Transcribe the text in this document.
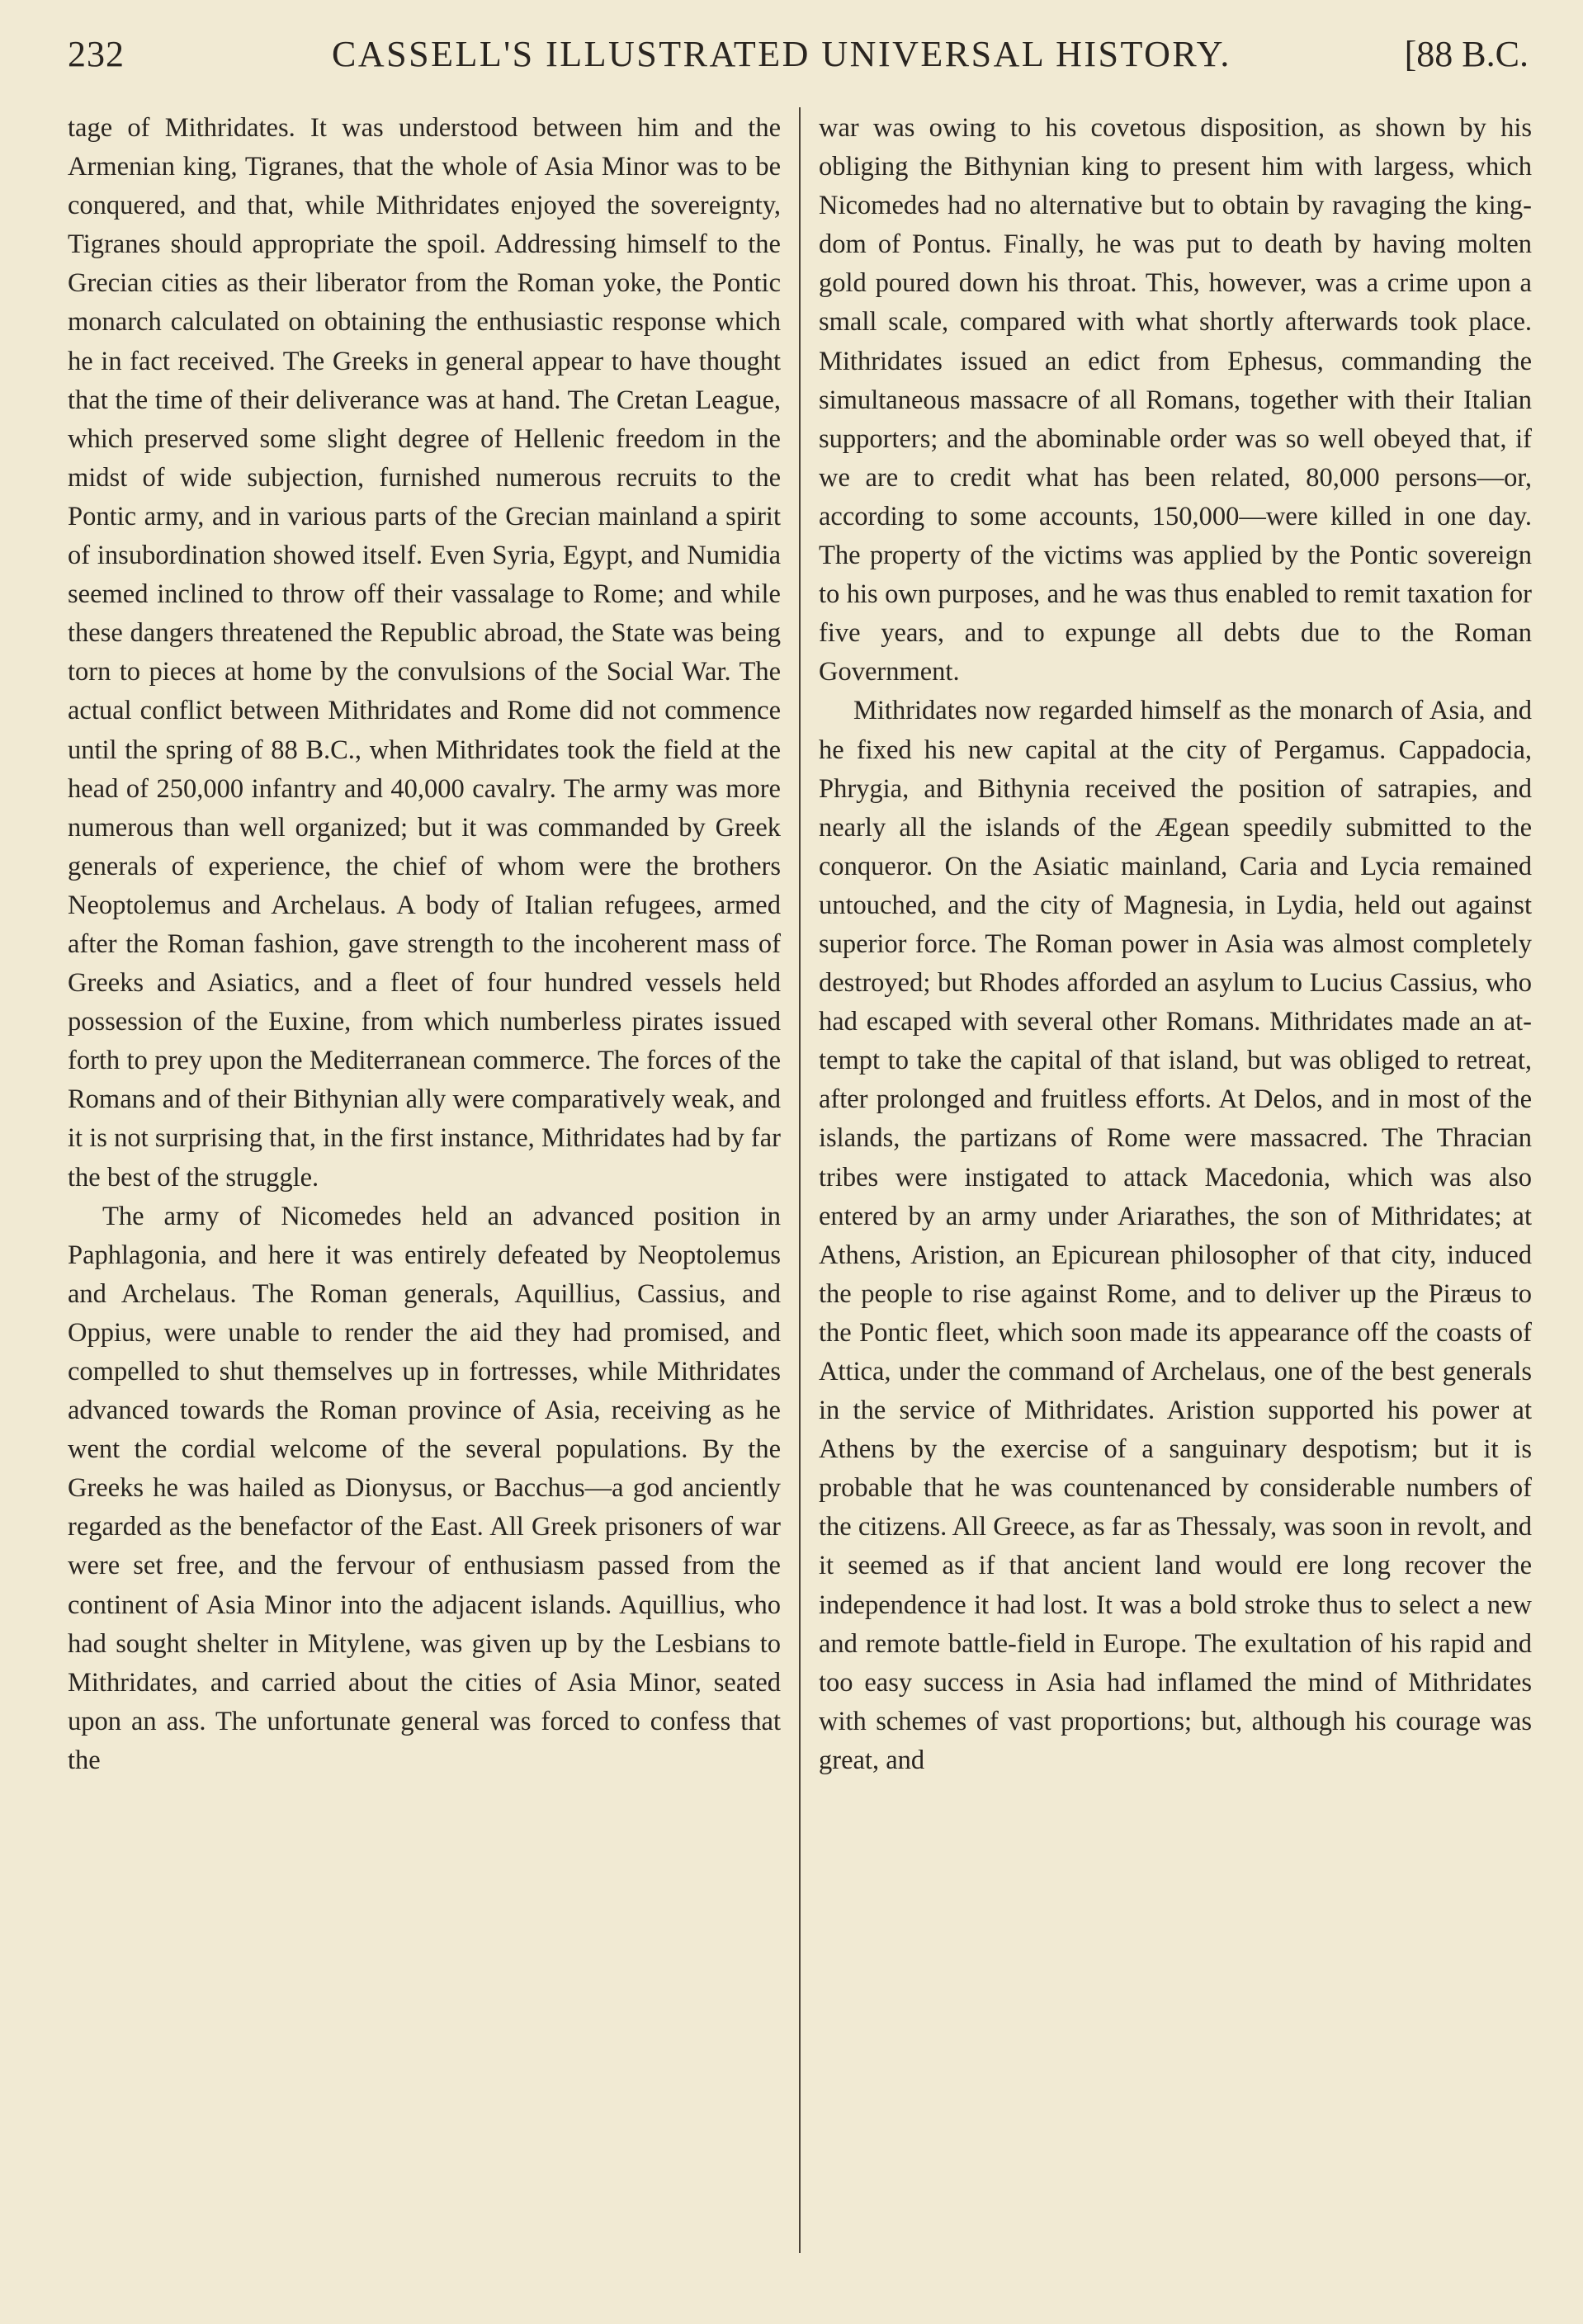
232	CASSELL'S ILLUSTRATED UNIVERSAL HISTORY.	[88 B.C.

tage of Mithridates. It was understood between him and the Armenian king, Tigranes, that the whole of Asia Minor was to be conquered, and that, while Mithridates enjoyed the sovereignty, Tigranes should appropriate the spoil. Addressing himself to the Grecian cities as their liberator from the Roman yoke, the Pontic monarch calculated on obtaining the enthusiastic response which he in fact received. The Greeks in general appear to have thought that the time of their deliverance was at hand. The Cretan League, which preserved some slight degree of Hellenic freedom in the midst of wide subjection, furnished numerous recruits to the Pontic army, and in various parts of the Grecian mainland a spirit of insubordination showed itself. Even Syria, Egypt, and Numidia seemed inclined to throw off their vassalage to Rome; and while these dangers threatened the Republic abroad, the State was being torn to pieces at home by the convulsions of the Social War. The actual conflict between Mithridates and Rome did not commence until the spring of 88 B.C., when Mithridates took the field at the head of 250,000 infantry and 40,000 cavalry. The army was more numerous than well organized; but it was commanded by Greek generals of experience, the chief of whom were the brothers Neoptolemus and Archelaus. A body of Italian refugees, armed after the Roman fashion, gave strength to the incoherent mass of Greeks and Asiatics, and a fleet of four hundred vessels held possession of the Euxine, from which numberless pirates issued forth to prey upon the Mediterranean commerce. The forces of the Romans and of their Bithynian ally were comparatively weak, and it is not surprising that, in the first instance, Mithridates had by far the best of the struggle.

The army of Nicomedes held an advanced position in Paphlagonia, and here it was entirely defeated by Neoptolemus and Archelaus. The Roman generals, Aquillius, Cassius, and Oppius, were unable to render the aid they had promised, and compelled to shut themselves up in fortresses, while Mithridates advanced towards the Roman province of Asia, receiving as he went the cordial welcome of the several populations. By the Greeks he was hailed as Dionysus, or Bacchus—a god anciently regarded as the benefactor of the East. All Greek prisoners of war were set free, and the fervour of enthusiasm passed from the continent of Asia Minor into the adjacent islands. Aquillius, who had sought shelter in Mitylene, was given up by the Lesbians to Mithridates, and carried about the cities of Asia Minor, seated upon an ass. The unfortunate general was forced to confess that the

war was owing to his covetous disposition, as shown by his obliging the Bithynian king to present him with largess, which Nicomedes had no alternative but to obtain by ravaging the kingdom of Pontus. Finally, he was put to death by having molten gold poured down his throat. This, however, was a crime upon a small scale, compared with what shortly afterwards took place. Mithridates issued an edict from Ephesus, commanding the simultaneous massacre of all Romans, together with their Italian supporters; and the abominable order was so well obeyed that, if we are to credit what has been related, 80,000 persons—or, according to some accounts, 150,000—were killed in one day. The property of the victims was applied by the Pontic sovereign to his own purposes, and he was thus enabled to remit taxation for five years, and to expunge all debts due to the Roman Government.

Mithridates now regarded himself as the monarch of Asia, and he fixed his new capital at the city of Pergamus. Cappadocia, Phrygia, and Bithynia received the position of satrapies, and nearly all the islands of the Ægean speedily submitted to the conqueror. On the Asiatic mainland, Caria and Lycia remained untouched, and the city of Magnesia, in Lydia, held out against superior force. The Roman power in Asia was almost completely destroyed; but Rhodes afforded an asylum to Lucius Cassius, who had escaped with several other Romans. Mithridates made an attempt to take the capital of that island, but was obliged to retreat, after prolonged and fruitless efforts. At Delos, and in most of the islands, the partizans of Rome were massacred. The Thracian tribes were instigated to attack Macedonia, which was also entered by an army under Ariarathes, the son of Mithridates; at Athens, Aristion, an Epicurean philosopher of that city, induced the people to rise against Rome, and to deliver up the Piræus to the Pontic fleet, which soon made its appearance off the coasts of Attica, under the command of Archelaus, one of the best generals in the service of Mithridates. Aristion supported his power at Athens by the exercise of a sanguinary despotism; but it is probable that he was countenanced by considerable numbers of the citizens. All Greece, as far as Thessaly, was soon in revolt, and it seemed as if that ancient land would ere long recover the independence it had lost. It was a bold stroke thus to select a new and remote battle-field in Europe. The exultation of his rapid and too easy success in Asia had inflamed the mind of Mithridates with schemes of vast proportions; but, although his courage was great, and
